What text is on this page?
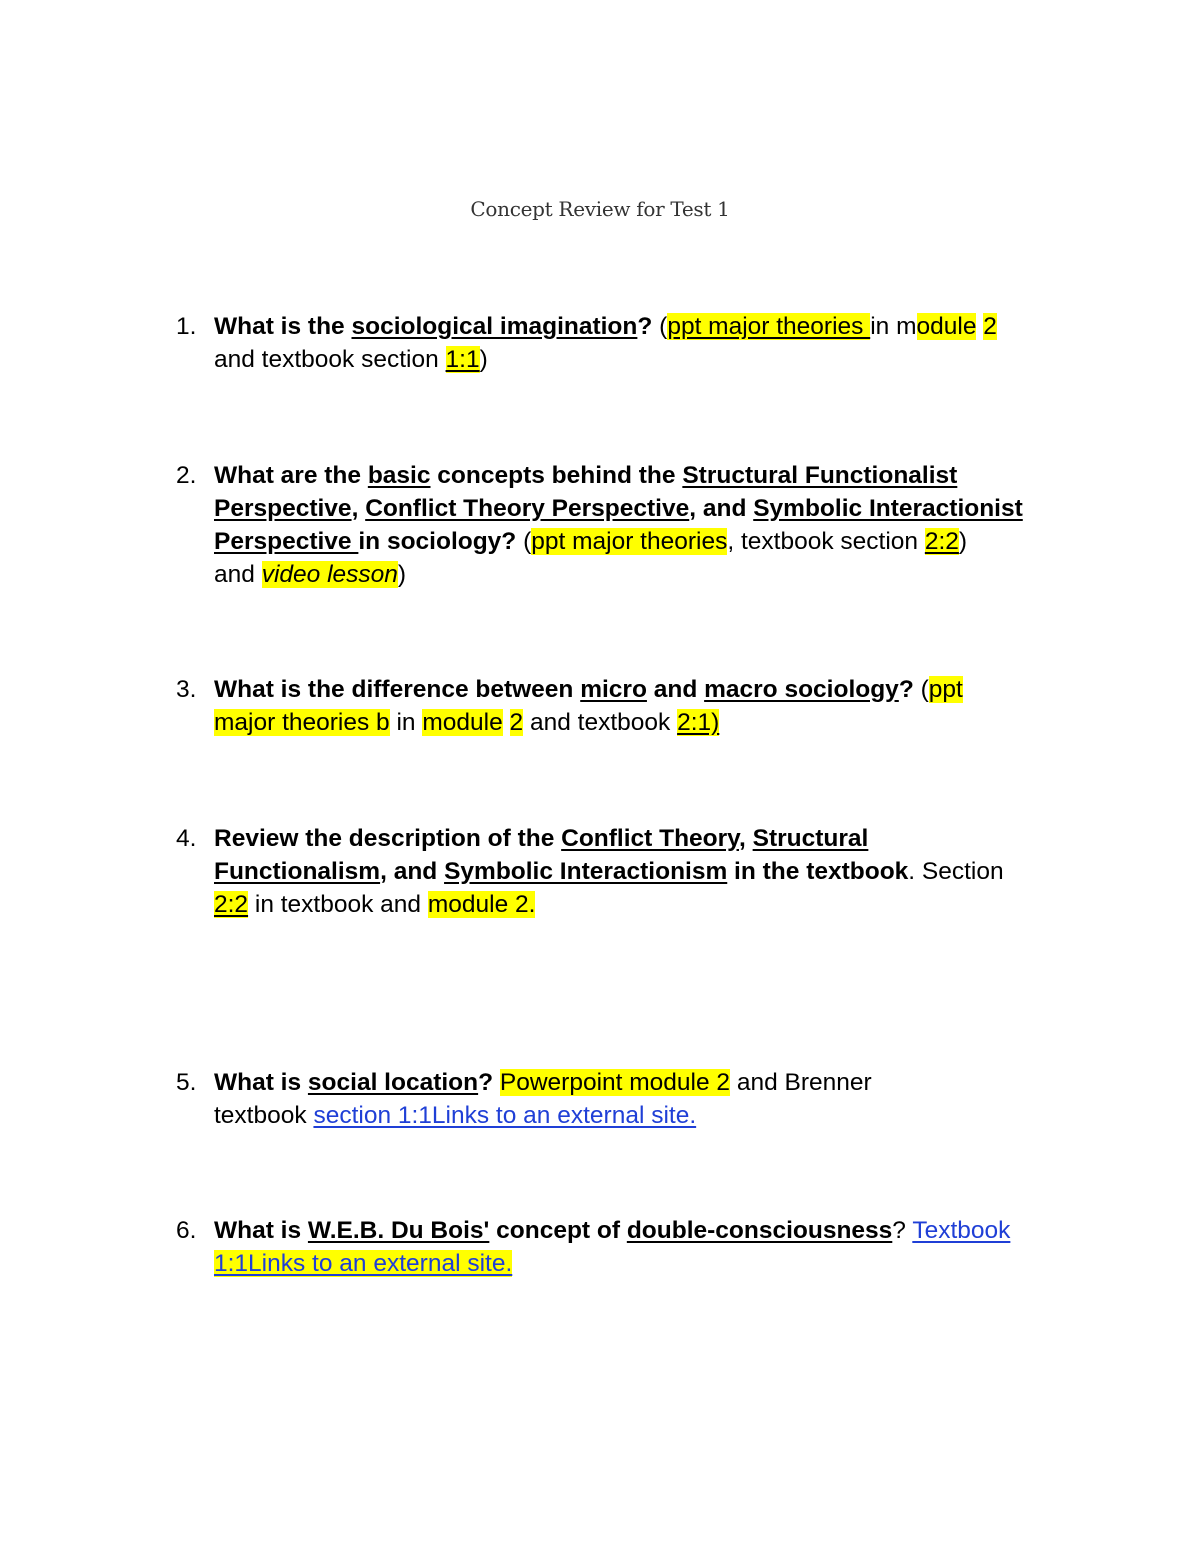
Concept Review for Test 1
1. What is the sociological imagination? (ppt major theories in module 2
and textbook section 1:1)
2. What are the basic concepts behind the Structural Functionalist
Perspective, Conflict Theory Perspective, and Symbolic Interactionist
Perspective in sociology? (ppt major theories, textbook section 2:2)
and video lesson)
3. What is the difference between micro and macro sociology? (ppt
major theories b in module 2 and textbook 2:1)
4. Review the description of the Conflict Theory, Structural
Functionalism, and Symbolic Interactionism in the textbook. Section
2:2 in textbook and module 2.
5. What is social location? Powerpoint module 2 and Brenner
textbook section 1:1Links to an external site.
6. What is W.E.B. Du Bois' concept of double-consciousness? Textbook
1:1Links to an external site.
